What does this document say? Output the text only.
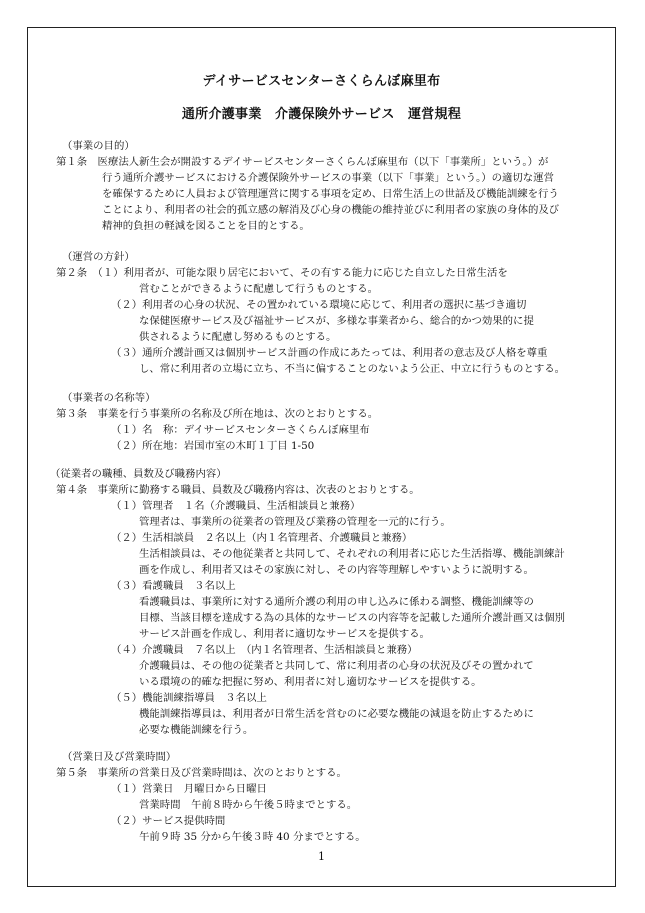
デイサービスセンターさくらんぼ麻里布
通所介護事業　介護保険外サービス　運営規程
（事業の目的）
第１条　医療法人新生会が開設するデイサービスセンターさくらんぼ麻里布（以下「事業所」という。）が
行う通所介護サービスにおける介護保険外サービスの事業（以下「事業」という。）の適切な運営
を確保するために人員および管理運営に関する事項を定め、日常生活上の世話及び機能訓練を行う
ことにより、利用者の社会的孤立感の解消及び心身の機能の維持並びに利用者の家族の身体的及び
精神的負担の軽減を図ることを目的とする。
（運営の方針）
第２条　（１）利用者が、可能な限り居宅において、その有する能力に応じた自立した日常生活を
営むことができるように配慮して行うものとする。
（２）利用者の心身の状況、その置かれている環境に応じて、利用者の選択に基づき適切
な保健医療サービス及び福祉サービスが、多様な事業者から、総合的かつ効果的に提
供されるように配慮し努めるものとする。
（３）通所介護計画又は個別サービス計画の作成にあたっては、利用者の意志及び人格を尊重
し、常に利用者の立場に立ち、不当に偏することのないよう公正、中立に行うものとする。
（事業者の名称等）
第３条　事業を行う事業所の名称及び所在地は、次のとおりとする。
（１）名　称：デイサービスセンターさくらんぼ麻里布
（２）所在地：岩国市室の木町１丁目 1-50
（従業者の職種、員数及び職務内容）
第４条　事業所に勤務する職員、員数及び職務内容は、次表のとおりとする。
（１）管理者　１名（介護職員、生活相談員と兼務）
管理者は、事業所の従業者の管理及び業務の管理を一元的に行う。
（２）生活相談員　２名以上（内１名管理者、介護職員と兼務）
生活相談員は、その他従業者と共同して、それぞれの利用者に応じた生活指導、機能訓練計
画を作成し、利用者又はその家族に対し、その内容等理解しやすいように説明する。
（３）看護職員　３名以上
看護職員は、事業所に対する通所介護の利用の申し込みに係わる調整、機能訓練等の
目標、当該目標を達成する為の具体的なサービスの内容等を記載した通所介護計画又は個別
サービス計画を作成し、利用者に適切なサービスを提供する。
（４）介護職員　７名以上　（内１名管理者、生活相談員と兼務）
介護職員は、その他の従業者と共同して、常に利用者の心身の状況及びその置かれて
いる環境の的確な把握に努め、利用者に対し適切なサービスを提供する。
（５）機能訓練指導員　３名以上
機能訓練指導員は、利用者が日常生活を営むのに必要な機能の減退を防止するために
必要な機能訓練を行う。
（営業日及び営業時間）
第５条　事業所の営業日及び営業時間は、次のとおりとする。
（１）営業日　月曜日から日曜日
営業時間　午前８時から午後５時までとする。
（２）サービス提供時間
午前９時 35 分から午後３時 40 分までとする。
1
